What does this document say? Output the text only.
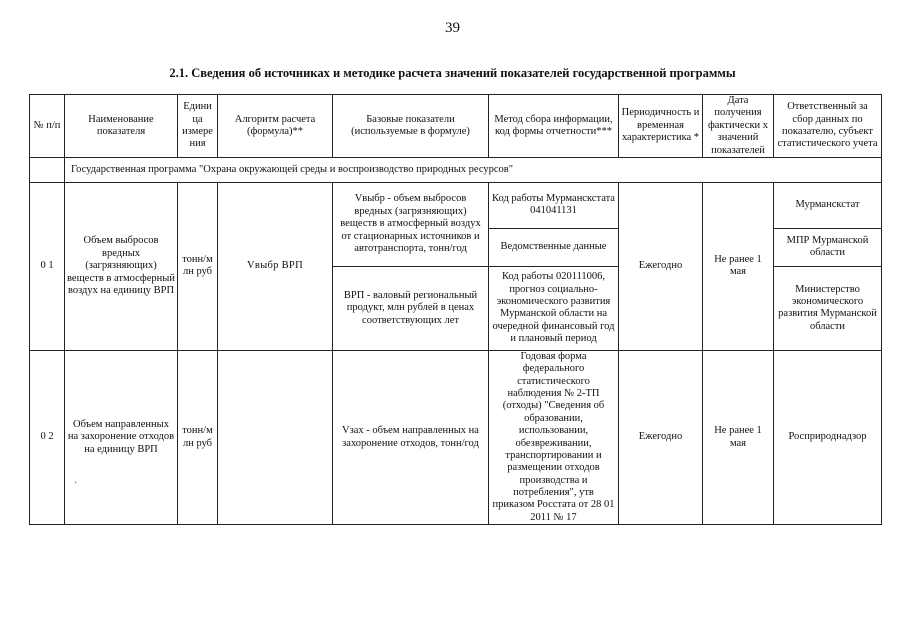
39
2.1. Сведения об источниках и методике расчета значений показателей государственной программы
№ п/п	Наименование показателя	Едини ца измере ния	Алгоритм расчета (формула)**	Базовые показатели (используемые в формуле)	Метод сбора информации, код формы отчетности***	Периодичность и временная характеристика *	Дата получения фактически х значений показателей	Ответственный за сбор данных по показателю, субъект статистического учета
	Государственная программа "Охрана окружающей среды и воспроизводство природных ресурсов"							
0 1	Объем выбросов вредных (загрязняющих) веществ в атмосферный воздух на единицу ВРП	тонн/м лн руб	Vвыбр ВРП	Vвыбр - объем выбросов вредных (загрязняющих) веществ в атмосферный воздух от стационарных источников и автотранспорта, тонн/год	Код работы Мурманскстата 041041131	Ежегодно	Не ранее 1 мая	Мурманскстат
					Ведомственные данные			МПР Мурманской области
				ВРП - валовый региональный продукт, млн рублей в ценах соответствующих лет	Код работы 020111006, прогноз социально-экономического развития Мурманской области на очередной финансовый год и плановый период			Министерство экономического развития Мурманской области
0 2	Объем направленных на захоронение отходов на единицу ВРП	тонн/м лн руб		Vзах - объем направленных на захоронение отходов, тонн/год	Годовая форма федерального статистического наблюдения № 2-ТП (отходы) "Сведения об образовании, использовании, обезвреживании, транспортировании и размещении отходов производства и потребления", утв приказом Росстата от 28 01 2011 № 17	Ежегодно	Не ранее 1 мая	Росприроднадзор
'
